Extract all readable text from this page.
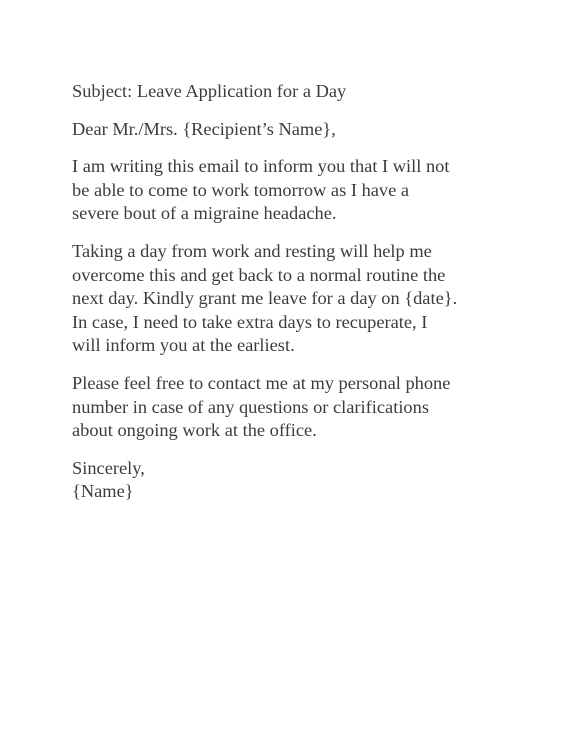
Subject: Leave Application for a Day
Dear Mr./Mrs. {Recipient’s Name},
I am writing this email to inform you that I will not
be able to come to work tomorrow as I have a
severe bout of a migraine headache.
Taking a day from work and resting will help me
overcome this and get back to a normal routine the
next day. Kindly grant me leave for a day on {date}.
In case, I need to take extra days to recuperate, I
will inform you at the earliest.
Please feel free to contact me at my personal phone
number in case of any questions or clarifications
about ongoing work at the office.
Sincerely,
{Name}
